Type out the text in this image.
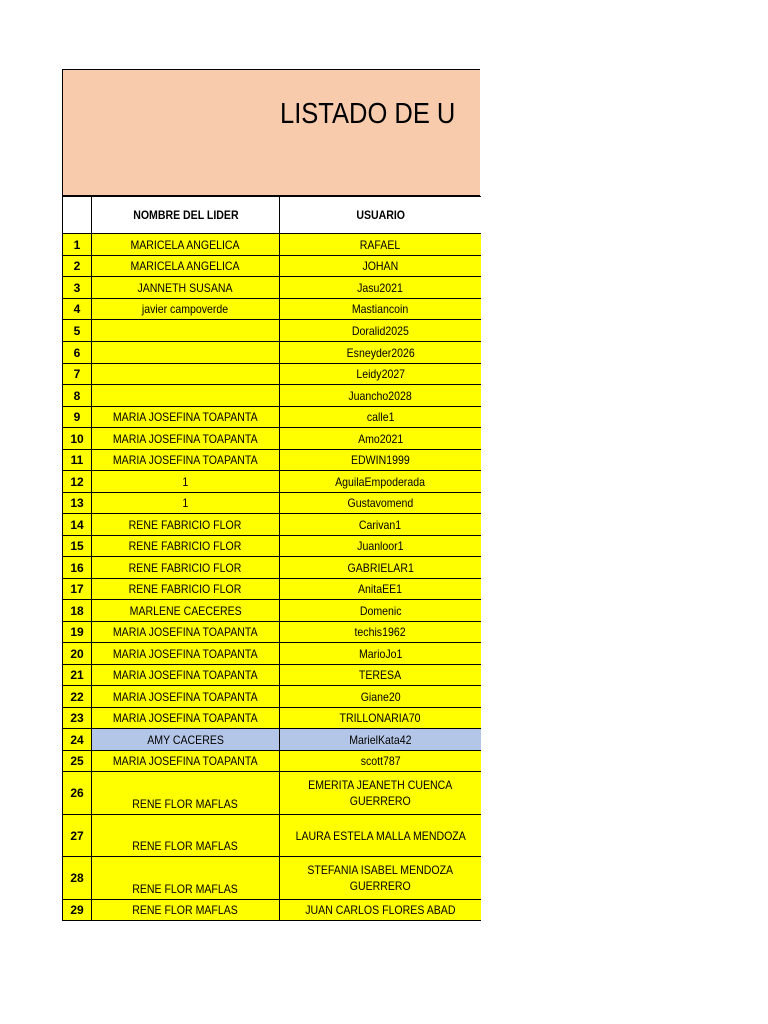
LISTADO DE U
	NOMBRE DEL LIDER	USUARIO
1	MARICELA ANGELICA	RAFAEL
2	MARICELA ANGELICA	JOHAN
3	JANNETH SUSANA	Jasu2021
4	javier campoverde	Mastiancoin
5		Doralid2025
6		Esneyder2026
7		Leidy2027
8		Juancho2028
9	MARIA JOSEFINA TOAPANTA	calle1
10	MARIA JOSEFINA TOAPANTA	Amo2021
11	MARIA JOSEFINA TOAPANTA	EDWIN1999
12	1	AguilaEmpoderada
13	1	Gustavomend
14	RENE FABRICIO FLOR	Carivan1
15	RENE FABRICIO FLOR	Juanloor1
16	RENE FABRICIO FLOR	GABRIELAR1
17	RENE FABRICIO FLOR	AnitaEE1
18	MARLENE CAECERES	Domenic
19	MARIA JOSEFINA TOAPANTA	techis1962
20	MARIA JOSEFINA TOAPANTA	MarioJo1
21	MARIA JOSEFINA TOAPANTA	TERESA
22	MARIA JOSEFINA TOAPANTA	Giane20
23	MARIA JOSEFINA TOAPANTA	TRILLONARIA70
24	AMY CACERES	MarielKata42
25	MARIA JOSEFINA TOAPANTA	scott787
26	RENE FLOR MAFLAS	EMERITA JEANETH CUENCA GUERRERO
27	RENE FLOR MAFLAS	LAURA ESTELA MALLA MENDOZA
28	RENE FLOR MAFLAS	STEFANIA ISABEL MENDOZA GUERRERO
29	RENE FLOR MAFLAS	JUAN CARLOS FLORES ABAD
